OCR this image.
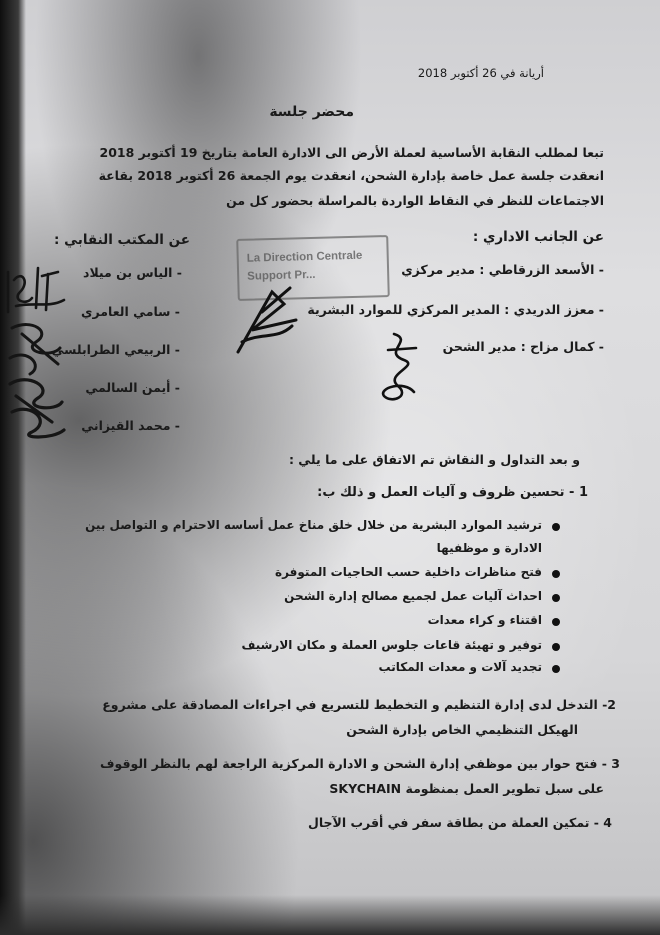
أريانة في 26 أكتوبر 2018
محضر جلسة
تبعا لمطلب النقابة الأساسية لعملة الأرض الى الادارة العامة بتاريخ 19 أكتوبر 2018
انعقدت جلسة عمل خاصة بإدارة الشحن، انعقدت يوم الجمعة 26 أكتوبر 2018 بقاعة
الاجتماعات للنظر في النقاط الواردة بالمراسلة بحضور كل من
عن الجانب الاداري :
- الأسعد الزرقاطي : مدير مركزي
- معزز الدريدي : المدير المركزي للموارد البشرية
- كمال مزاح : مدير الشحن
عن المكتب النقابي :
- الياس بن ميلاد
- سامي العامري
- الربيعي الطرابلسي
- أيمن السالمي
- محمد القيزاني
La Direction Centrale
Support Pr...
و بعد التداول و النقاش تم الاتفاق على ما يلي :
1 - تحسين ظروف و آليات العمل و ذلك ب:
ترشيد الموارد البشرية من خلال خلق مناخ عمل أساسه الاحترام و التواصل بين
الادارة و موظفيها
فتح مناظرات داخلية حسب الحاجيات المتوفرة
احداث آليات عمل لجميع مصالح إدارة الشحن
اقتناء و كراء معدات
توفير و تهيئة قاعات جلوس العملة و مكان الارشيف
تجديد آلات و معدات المكاتب
2- التدخل لدى إدارة التنظيم و التخطيط للتسريع في اجراءات المصادقة على مشروع
الهيكل التنظيمي الخاص بإدارة الشحن
3 - فتح حوار بين موظفي إدارة الشحن و الادارة المركزية الراجعة لهم بالنظر الوقوف
على سبل تطوير العمل بمنظومة SKYCHAIN
4 - تمكين العملة من بطاقة سفر في أقرب الآجال
